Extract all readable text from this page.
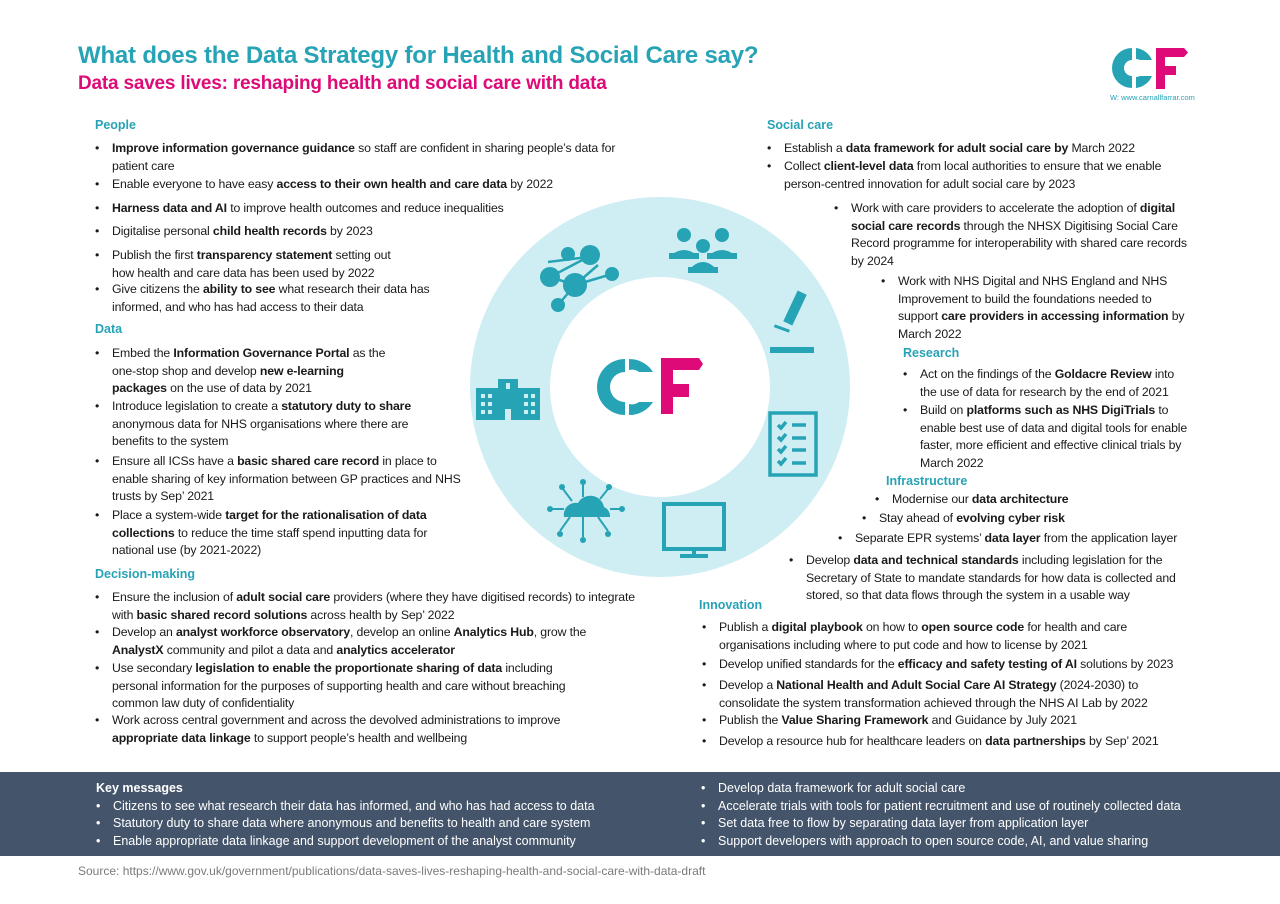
What does the Data Strategy for Health and Social Care say?
Data saves lives: reshaping health and social care with data
W: www.carnallfarrar.com
People
• Improve information governance guidance so staff are confident in sharing people’s data for patient care
• Enable everyone to have easy access to their own health and care data by 2022
• Harness data and AI to improve health outcomes and reduce inequalities
• Digitalise personal child health records by 2023
• Publish the first transparency statement setting out how health and care data has been used by 2022
• Give citizens the ability to see what research their data has informed, and who has had access to their data
Data
• Embed the Information Governance Portal as the one-stop shop and develop new e-learning packages on the use of data by 2021
• Introduce legislation to create a statutory duty to share anonymous data for NHS organisations where there are benefits to the system
• Ensure all ICSs have a basic shared care record in place to enable sharing of key information between GP practices and NHS trusts by Sep’ 2021
• Place a system-wide target for the rationalisation of data collections to reduce the time staff spend inputting data for national use (by 2021-2022)
Decision-making
• Ensure the inclusion of adult social care providers (where they have digitised records) to integrate with basic shared record solutions across health by Sep’ 2022
• Develop an analyst workforce observatory, develop an online Analytics Hub, grow the AnalystX community and pilot a data and analytics accelerator
• Use secondary legislation to enable the proportionate sharing of data including personal information for the purposes of supporting health and care without breaching common law duty of confidentiality
• Work across central government and across the devolved administrations to improve appropriate data linkage to support people’s health and wellbeing
Social care
• Establish a data framework for adult social care by March 2022
• Collect client-level data from local authorities to ensure that we enable person-centred innovation for adult social care by 2023
• Work with care providers to accelerate the adoption of digital social care records through the NHSX Digitising Social Care Record programme for interoperability with shared care records by 2024
• Work with NHS Digital and NHS England and NHS Improvement to build the foundations needed to support care providers in accessing information by March 2022
Research
• Act on the findings of the Goldacre Review into the use of data for research by the end of 2021
• Build on platforms such as NHS DigiTrials to enable best use of data and digital tools for enable faster, more efficient and effective clinical trials by March 2022
Infrastructure
• Modernise our data architecture
• Stay ahead of evolving cyber risk
• Separate EPR systems’ data layer from the application layer
• Develop data and technical standards including legislation for the Secretary of State to mandate standards for how data is collected and stored, so that data flows through the system in a usable way
Innovation
• Publish a digital playbook on how to open source code for health and care organisations including where to put code and how to license by 2021
• Develop unified standards for the efficacy and safety testing of AI solutions by 2023
• Develop a National Health and Adult Social Care AI Strategy (2024-2030) to consolidate the system transformation achieved through the NHS AI Lab by 2022
• Publish the Value Sharing Framework and Guidance by July 2021
• Develop a resource hub for healthcare leaders on data partnerships by Sep’ 2021
Key messages
• Citizens to see what research their data has informed, and who has had access to data
• Statutory duty to share data where anonymous and benefits to health and care system
• Enable appropriate data linkage and support development of the analyst community
• Develop data framework for adult social care
• Accelerate trials with tools for patient recruitment and use of routinely collected data
• Set data free to flow by separating data layer from application layer
• Support developers with approach to open source code, AI, and value sharing
Source: https://www.gov.uk/government/publications/data-saves-lives-reshaping-health-and-social-care-with-data-draft
